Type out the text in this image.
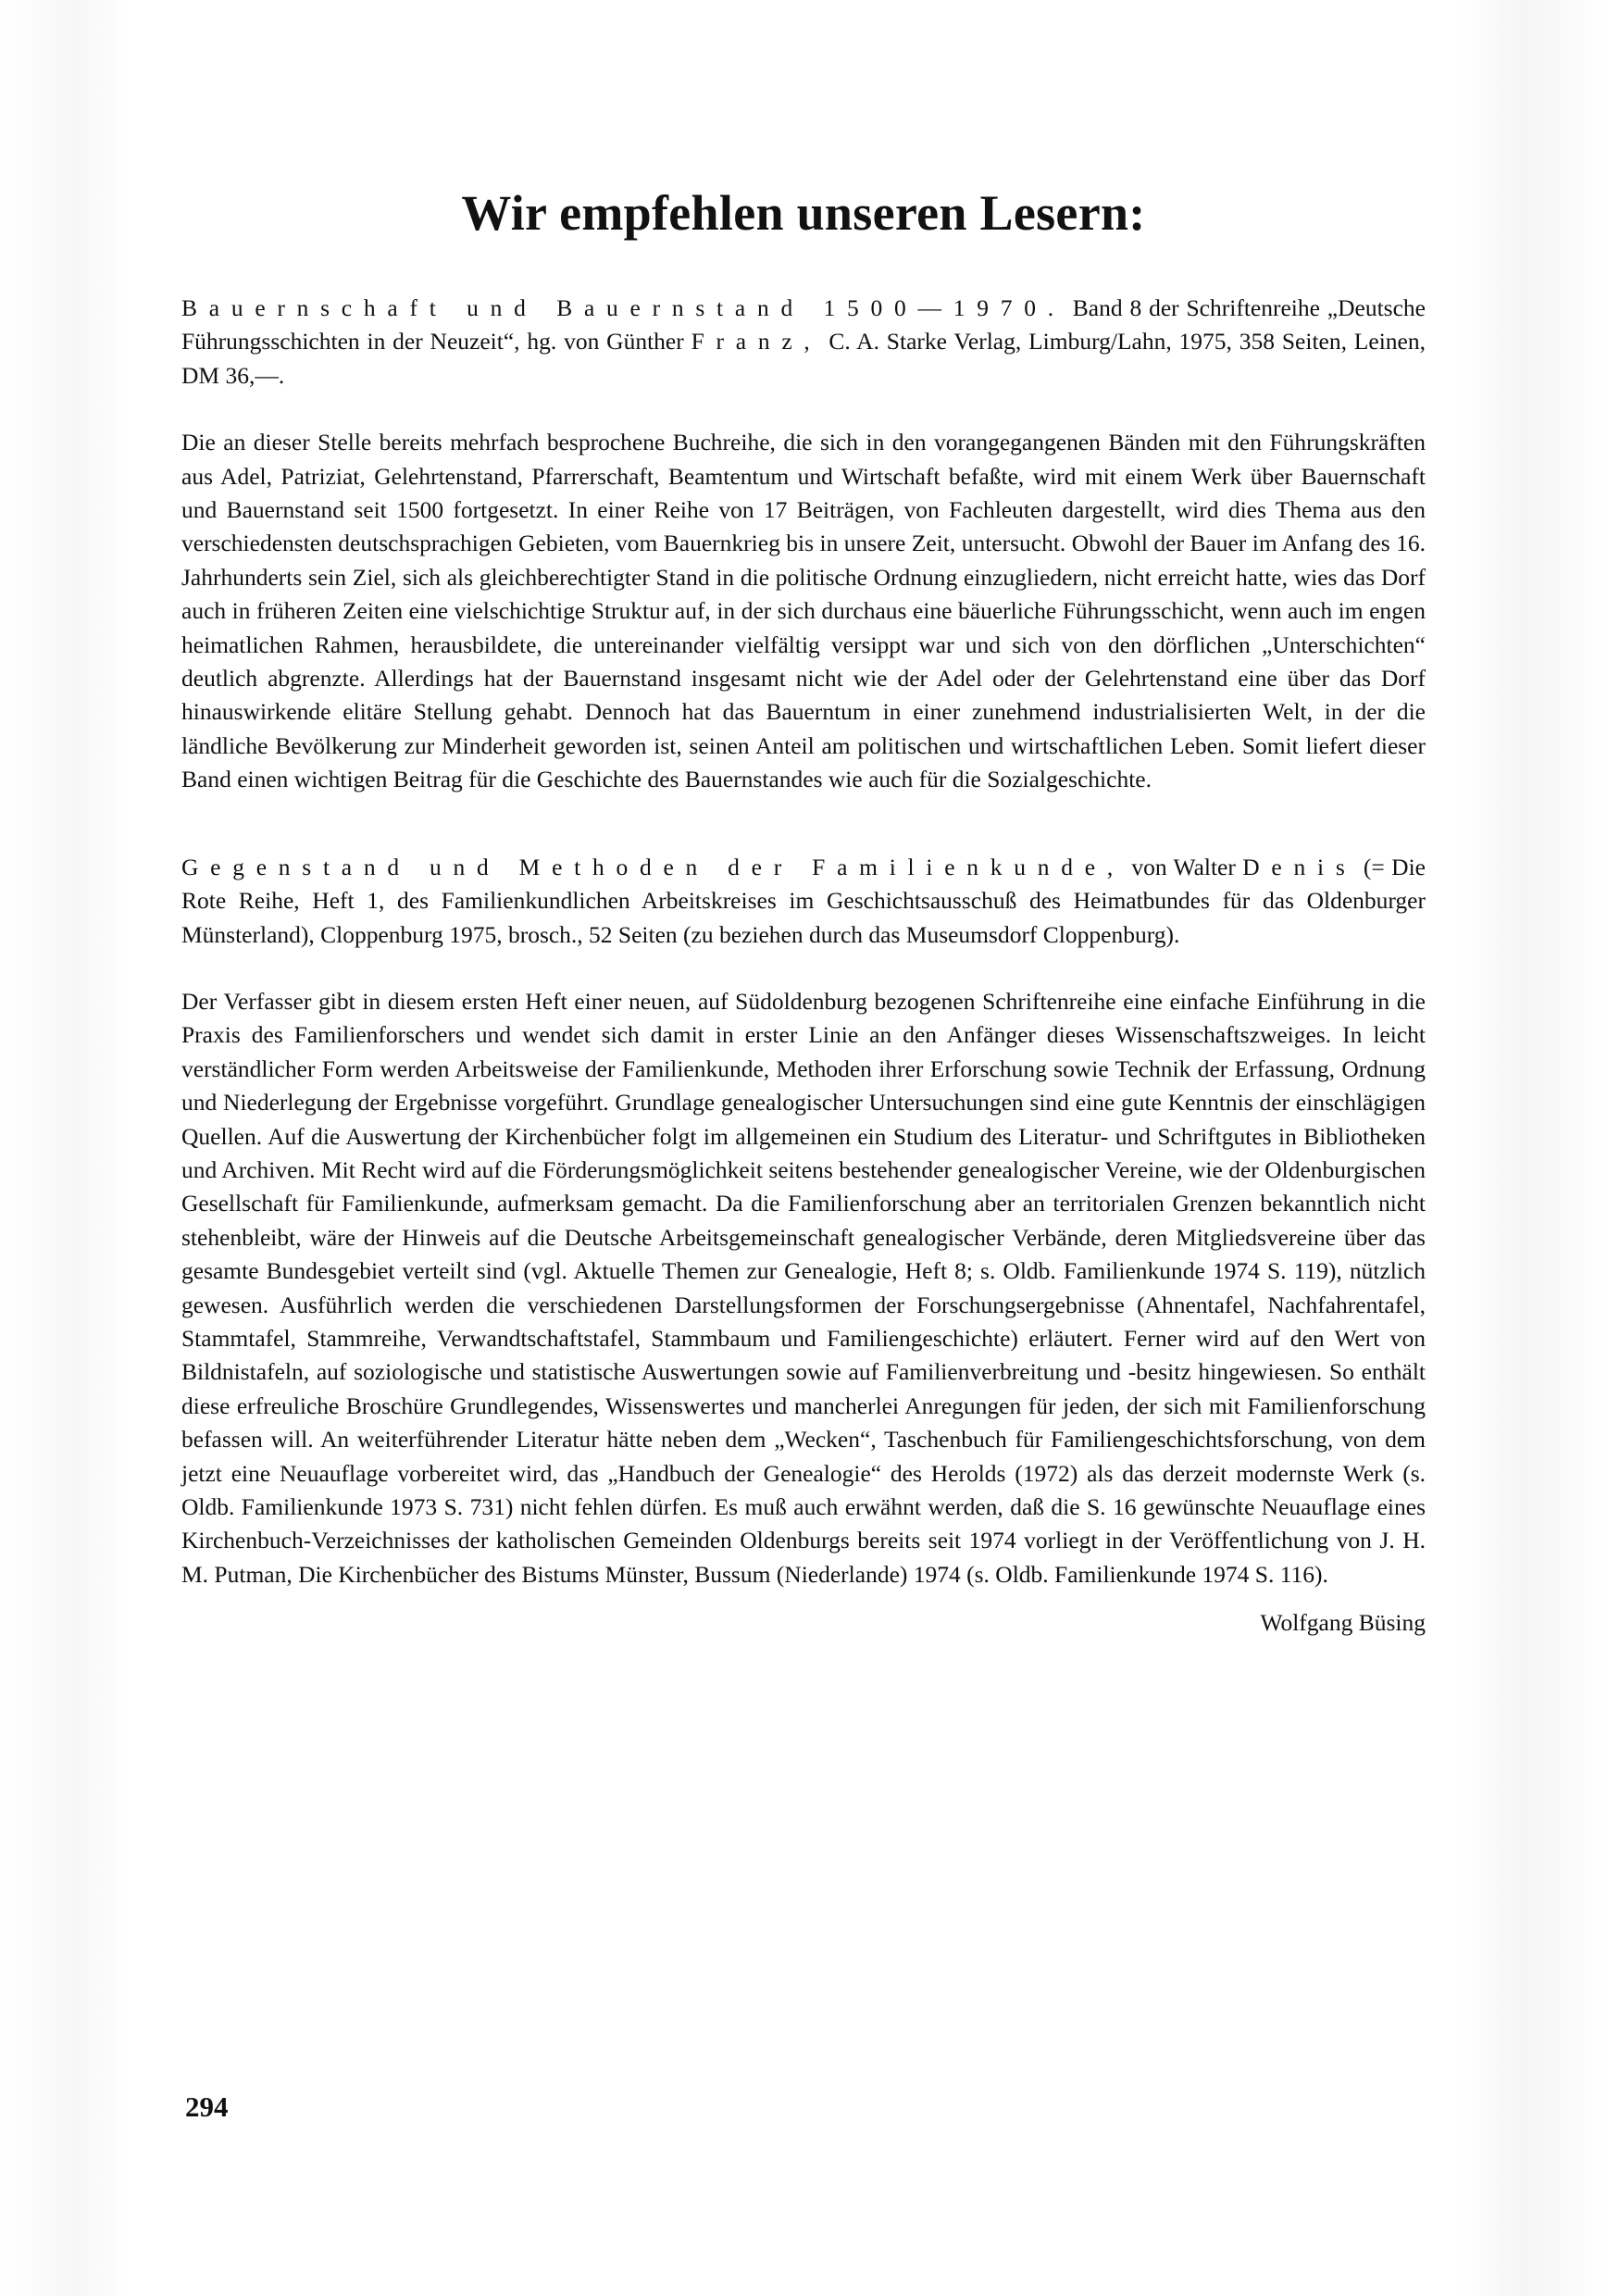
Wir empfehlen unseren Lesern:

Bauernschaft und Bauernstand 1500—1970. Band 8 der Schriftenreihe „Deutsche Führungsschichten in der Neuzeit“, hg. von Günther Franz, C. A. Starke Verlag, Limburg/Lahn, 1975, 358 Seiten, Leinen, DM 36,—.

Die an dieser Stelle bereits mehrfach besprochene Buchreihe, die sich in den vorangegangenen Bänden mit den Führungskräften aus Adel, Patriziat, Gelehrtenstand, Pfarrerschaft, Beamtentum und Wirtschaft befaßte, wird mit einem Werk über Bauernschaft und Bauernstand seit 1500 fortgesetzt. In einer Reihe von 17 Beiträgen, von Fachleuten dargestellt, wird dies Thema aus den verschiedensten deutschsprachigen Gebieten, vom Bauernkrieg bis in unsere Zeit, untersucht. Obwohl der Bauer im Anfang des 16. Jahrhunderts sein Ziel, sich als gleichberechtigter Stand in die politische Ordnung einzugliedern, nicht erreicht hatte, wies das Dorf auch in früheren Zeiten eine vielschichtige Struktur auf, in der sich durchaus eine bäuerliche Führungsschicht, wenn auch im engen heimatlichen Rahmen, herausbildete, die untereinander vielfältig versippt war und sich von den dörflichen „Unterschichten“ deutlich abgrenzte. Allerdings hat der Bauernstand insgesamt nicht wie der Adel oder der Gelehrtenstand eine über das Dorf hinauswirkende elitäre Stellung gehabt. Dennoch hat das Bauerntum in einer zunehmend industrialisierten Welt, in der die ländliche Bevölkerung zur Minderheit geworden ist, seinen Anteil am politischen und wirtschaftlichen Leben. Somit liefert dieser Band einen wichtigen Beitrag für die Geschichte des Bauernstandes wie auch für die Sozialgeschichte.

Gegenstand und Methoden der Familienkunde, von Walter Denis (= Die Rote Reihe, Heft 1, des Familienkundlichen Arbeitskreises im Geschichtsausschuß des Heimatbundes für das Oldenburger Münsterland), Cloppenburg 1975, brosch., 52 Seiten (zu beziehen durch das Museumsdorf Cloppenburg).

Der Verfasser gibt in diesem ersten Heft einer neuen, auf Südoldenburg bezogenen Schriftenreihe eine einfache Einführung in die Praxis des Familienforschers und wendet sich damit in erster Linie an den Anfänger dieses Wissenschaftszweiges. In leicht verständlicher Form werden Arbeitsweise der Familienkunde, Methoden ihrer Erforschung sowie Technik der Erfassung, Ordnung und Niederlegung der Ergebnisse vorgeführt. Grundlage genealogischer Untersuchungen sind eine gute Kenntnis der einschlägigen Quellen. Auf die Auswertung der Kirchenbücher folgt im allgemeinen ein Studium des Literatur- und Schriftgutes in Bibliotheken und Archiven. Mit Recht wird auf die Förderungsmöglichkeit seitens bestehender genealogischer Vereine, wie der Oldenburgischen Gesellschaft für Familienkunde, aufmerksam gemacht. Da die Familienforschung aber an territorialen Grenzen bekanntlich nicht stehenbleibt, wäre der Hinweis auf die Deutsche Arbeitsgemeinschaft genealogischer Verbände, deren Mitgliedsvereine über das gesamte Bundesgebiet verteilt sind (vgl. Aktuelle Themen zur Genealogie, Heft 8; s. Oldb. Familienkunde 1974 S. 119), nützlich gewesen. Ausführlich werden die verschiedenen Darstellungsformen der Forschungsergebnisse (Ahnentafel, Nachfahrentafel, Stammtafel, Stammreihe, Verwandtschaftstafel, Stammbaum und Familiengeschichte) erläutert. Ferner wird auf den Wert von Bildnistafeln, auf soziologische und statistische Auswertungen sowie auf Familienverbreitung und -besitz hingewiesen. So enthält diese erfreuliche Broschüre Grundlegendes, Wissenswertes und mancherlei Anregungen für jeden, der sich mit Familienforschung befassen will. An weiterführender Literatur hätte neben dem „Wecken“, Taschenbuch für Familiengeschichtsforschung, von dem jetzt eine Neuauflage vorbereitet wird, das „Handbuch der Genealogie“ des Herolds (1972) als das derzeit modernste Werk (s. Oldb. Familienkunde 1973 S. 731) nicht fehlen dürfen. Es muß auch erwähnt werden, daß die S. 16 gewünschte Neuauflage eines Kirchenbuch-Verzeichnisses der katholischen Gemeinden Oldenburgs bereits seit 1974 vorliegt in der Veröffentlichung von J. H. M. Putman, Die Kirchenbücher des Bistums Münster, Bussum (Niederlande) 1974 (s. Oldb. Familienkunde 1974 S. 116).

Wolfgang Büsing

294
